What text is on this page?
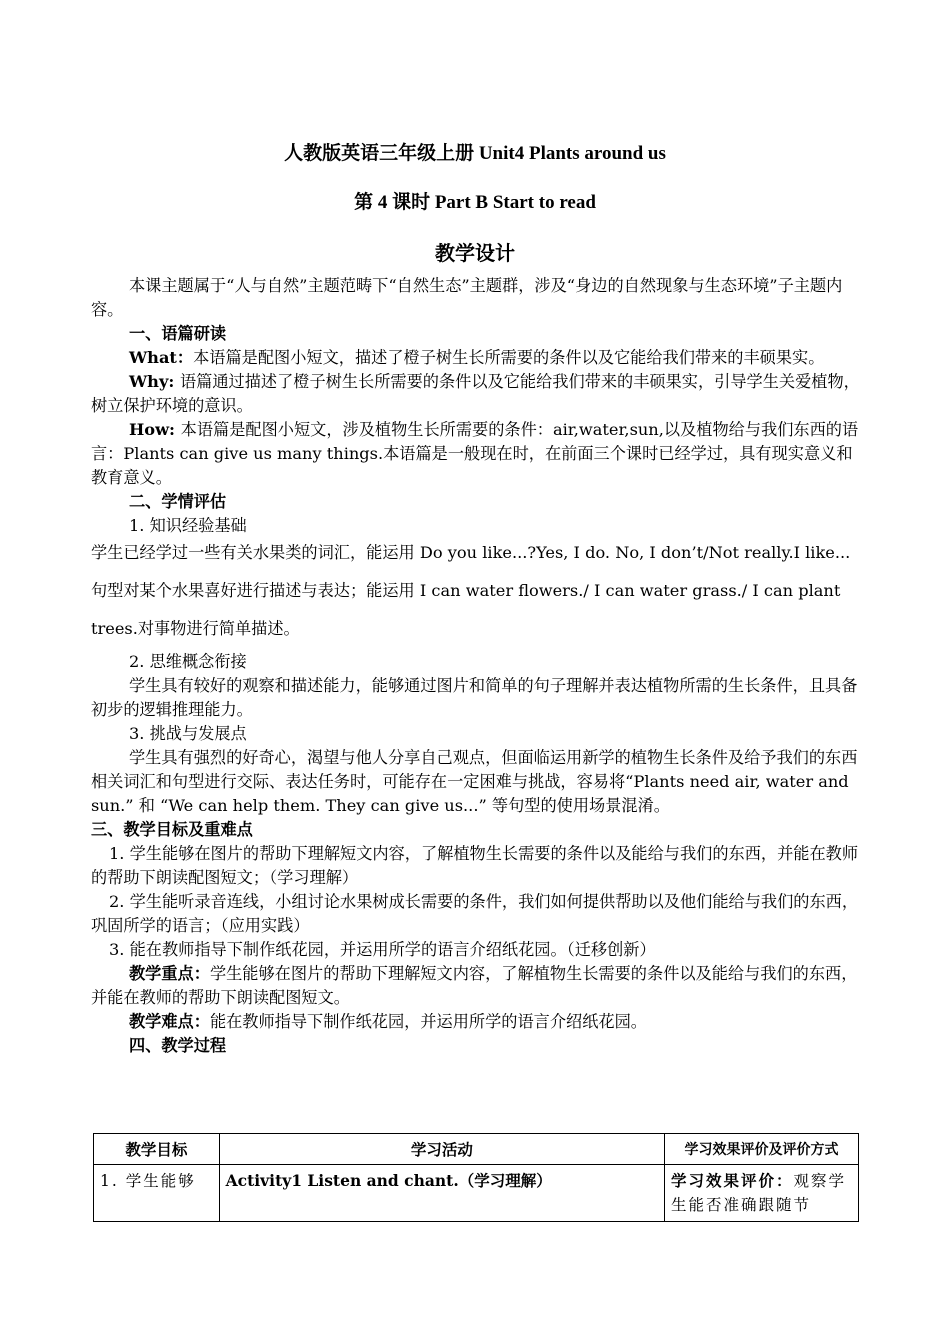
人教版英语三年级上册 Unit4 Plants around us
第 4 课时 Part B Start to read
教学设计

本课主题属于“人与自然”主题范畴下“自然生态”主题群，涉及“身边的自然现象与生态环境”子主题内容。

一、语篇研读

What：本语篇是配图小短文，描述了橙子树生长所需要的条件以及它能给我们带来的丰硕果实。

Why: 语篇通过描述了橙子树生长所需要的条件以及它能给我们带来的丰硕果实，引导学生关爱植物，树立保护环境的意识。

How: 本语篇是配图小短文，涉及植物生长所需要的条件：air,water,sun,以及植物给与我们东西的语言：Plants can give us many things.本语篇是一般现在时，在前面三个课时已经学过，具有现实意义和教育意义。

二、学情评估

1. 知识经验基础

学生已经学过一些有关水果类的词汇，能运用 Do you like...?Yes, I do. No, I don’t/Not really.I like...句型对某个水果喜好进行描述与表达；能运用 I can water flowers./ I can water grass./ I can plant trees.对事物进行简单描述。

2. 思维概念衔接

学生具有较好的观察和描述能力，能够通过图片和简单的句子理解并表达植物所需的生长条件，且具备初步的逻辑推理能力。

3. 挑战与发展点

学生具有强烈的好奇心，渴望与他人分享自己观点，但面临运用新学的植物生长条件及给予我们的东西相关词汇和句型进行交际、表达任务时，可能存在一定困难与挑战，容易将“Plants need air, water and sun.” 和 “We can help them. They can give us...” 等句型的使用场景混淆。

三、教学目标及重难点

1. 学生能够在图片的帮助下理解短文内容，了解植物生长需要的条件以及能给与我们的东西，并能在教师的帮助下朗读配图短文；（学习理解）

2. 学生能听录音连线，小组讨论水果树成长需要的条件，我们如何提供帮助以及他们能给与我们的东西，巩固所学的语言；（应用实践）

3. 能在教师指导下制作纸花园，并运用所学的语言介绍纸花园。（迁移创新）

教学重点：学生能够在图片的帮助下理解短文内容，了解植物生长需要的条件以及能给与我们的东西，并能在教师的帮助下朗读配图短文。

教学难点：能在教师指导下制作纸花园，并运用所学的语言介绍纸花园。

四、教学过程

教学目标	学习活动	学习效果评价及评价方式
1. 学生能够	Activity1 Listen and chant.（学习理解）	学习效果评价：观察学生能否准确跟随节
